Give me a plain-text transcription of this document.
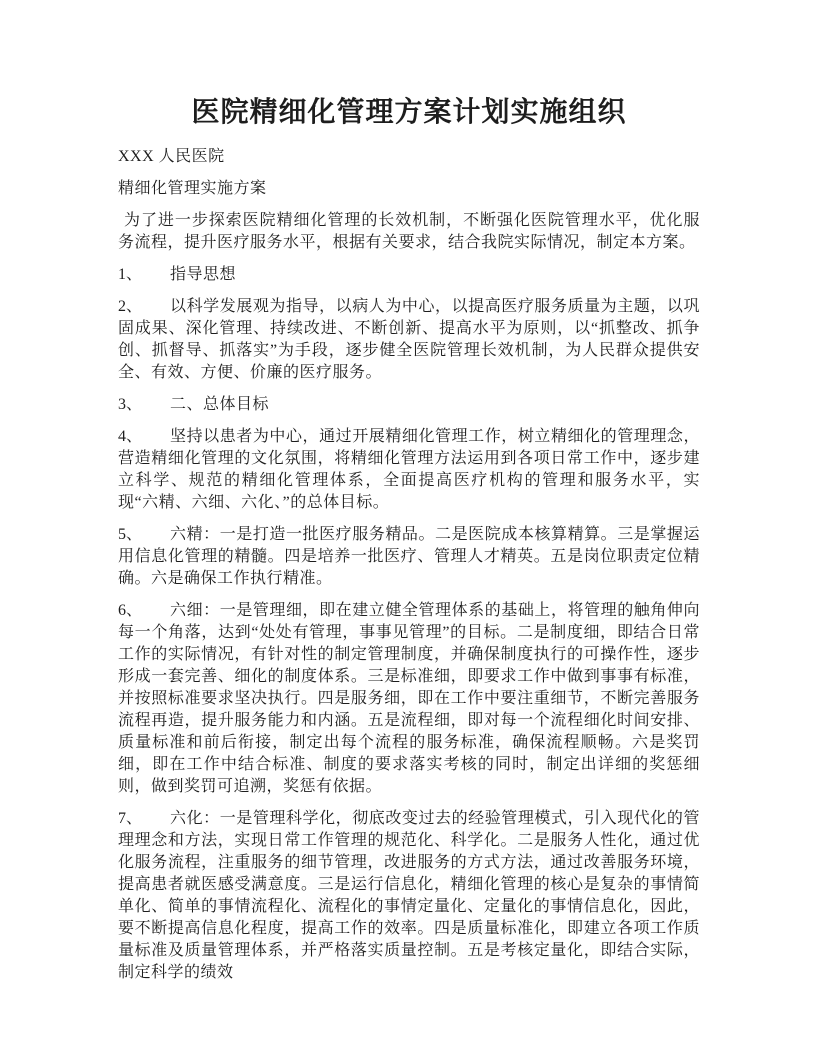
医院精细化管理方案计划实施组织

XXX 人民医院

精细化管理实施方案

为了进一步探索医院精细化管理的长效机制，不断强化医院管理水平，优化服务流程，提升医疗服务水平，根据有关要求，结合我院实际情况，制定本方案。

1、 指导思想

2、 以科学发展观为指导，以病人为中心，以提高医疗服务质量为主题，以巩固成果、深化管理、持续改进、不断创新、提高水平为原则，以“抓整改、抓争创、抓督导、抓落实”为手段，逐步健全医院管理长效机制，为人民群众提供安全、有效、方便、价廉的医疗服务。

3、 二、总体目标

4、 坚持以患者为中心，通过开展精细化管理工作，树立精细化的管理理念，营造精细化管理的文化氛围，将精细化管理方法运用到各项日常工作中，逐步建立科学、规范的精细化管理体系，全面提高医疗机构的管理和服务水平，实现“六精、六细、六化、”的总体目标。

5、 六精：一是打造一批医疗服务精品。二是医院成本核算精算。三是掌握运用信息化管理的精髓。四是培养一批医疗、管理人才精英。五是岗位职责定位精确。六是确保工作执行精准。

6、 六细：一是管理细，即在建立健全管理体系的基础上，将管理的触角伸向每一个角落，达到“处处有管理，事事见管理”的目标。二是制度细，即结合日常工作的实际情况，有针对性的制定管理制度，并确保制度执行的可操作性，逐步形成一套完善、细化的制度体系。三是标准细，即要求工作中做到事事有标准，并按照标准要求坚决执行。四是服务细，即在工作中要注重细节，不断完善服务流程再造，提升服务能力和内涵。五是流程细，即对每一个流程细化时间安排、质量标准和前后衔接，制定出每个流程的服务标准，确保流程顺畅。六是奖罚细，即在工作中结合标准、制度的要求落实考核的同时，制定出详细的奖惩细则，做到奖罚可追溯，奖惩有依据。

7、 六化：一是管理科学化，彻底改变过去的经验管理模式，引入现代化的管理理念和方法，实现日常工作管理的规范化、科学化。二是服务人性化，通过优化服务流程，注重服务的细节管理，改进服务的方式方法，通过改善服务环境，提高患者就医感受满意度。三是运行信息化，精细化管理的核心是复杂的事情简单化、简单的事情流程化、流程化的事情定量化、定量化的事情信息化，因此，要不断提高信息化程度，提高工作的效率。四是质量标准化，即建立各项工作质量标准及质量管理体系，并严格落实质量控制。五是考核定量化，即结合实际，制定科学的绩效
